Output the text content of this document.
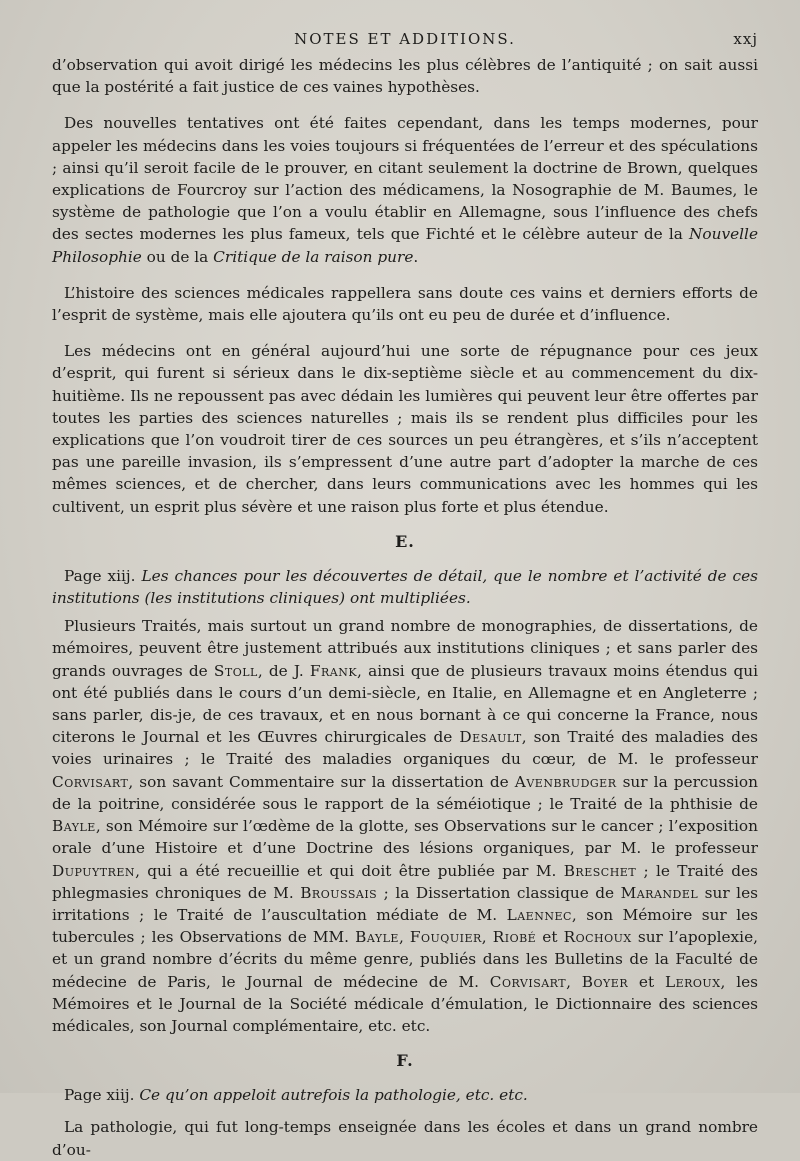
NOTES ET ADDITIONS.	xxj

d’observation qui avoit dirigé les médecins les plus célèbres de l’antiquité ; on sait aussi que la postérité a fait justice de ces vaines hypothèses.

Des nouvelles tentatives ont été faites cependant, dans les temps modernes, pour appeler les médecins dans les voies toujours si fréquentées de l’erreur et des spéculations ; ainsi qu’il seroit facile de le prouver, en citant seulement la doctrine de Brown, quelques explications de Fourcroy sur l’action des médicamens, la Nosographie de M. Baumes, le système de pathologie que l’on a voulu établir en Allemagne, sous l’influence des chefs des sectes modernes les plus fameux, tels que Fichté et le célèbre auteur de la Nouvelle Philosophie ou de la Critique de la raison pure.

L’histoire des sciences médicales rappellera sans doute ces vains et derniers efforts de l’esprit de système, mais elle ajoutera qu’ils ont eu peu de durée et d’influence.

Les médecins ont en général aujourd’hui une sorte de répugnance pour ces jeux d’esprit, qui furent si sérieux dans le dix-septième siècle et au commencement du dix-huitième. Ils ne repoussent pas avec dédain les lumières qui peuvent leur être offertes par toutes les parties des sciences naturelles ; mais ils se rendent plus difficiles pour les explications que l’on voudroit tirer de ces sources un peu étrangères, et s’ils n’acceptent pas une pareille invasion, ils s’empressent d’une autre part d’adopter la marche de ces mêmes sciences, et de chercher, dans leurs communications avec les hommes qui les cultivent, un esprit plus sévère et une raison plus forte et plus étendue.

E.

Page xiij. Les chances pour les découvertes de détail, que le nombre et l’activité de ces institutions (les institutions cliniques) ont multipliées.

Plusieurs Traités, mais surtout un grand nombre de monographies, de dissertations, de mémoires, peuvent être justement attribués aux institutions cliniques ; et sans parler des grands ouvrages de Stoll, de J. Frank, ainsi que de plusieurs travaux moins étendus qui ont été publiés dans le cours d’un demi-siècle, en Italie, en Allemagne et en Angleterre ; sans parler, dis-je, de ces travaux, et en nous bornant à ce qui concerne la France, nous citerons le Journal et les Œuvres chirurgicales de Desault, son Traité des maladies des voies urinaires ; le Traité des maladies organiques du cœur, de M. le professeur Corvisart, son savant Commentaire sur la dissertation de Avenbrudger sur la percussion de la poitrine, considérée sous le rapport de la séméiotique ; le Traité de la phthisie de Bayle, son Mémoire sur l’œdème de la glotte, ses Observations sur le cancer ; l’exposition orale d’une Histoire et d’une Doctrine des lésions organiques, par M. le professeur Dupuytren, qui a été recueillie et qui doit être publiée par M. Breschet ; le Traité des phlegmasies chroniques de M. Broussais ; la Dissertation classique de Marandel sur les irritations ; le Traité de l’auscultation médiate de M. Laennec, son Mémoire sur les tubercules ; les Observations de MM. Bayle, Fouquier, Riobé et Rochoux sur l’apoplexie, et un grand nombre d’écrits du même genre, publiés dans les Bulletins de la Faculté de médecine de Paris, le Journal de médecine de M. Corvisart, Boyer et Leroux, les Mémoires et le Journal de la Société médicale d’émulation, le Dictionnaire des sciences médicales, son Journal complémentaire, etc. etc.

F.

Page xiij. Ce qu’on appeloit autrefois la pathologie, etc. etc.

La pathologie, qui fut long-temps enseignée dans les écoles et dans un grand nombre d’ou-
